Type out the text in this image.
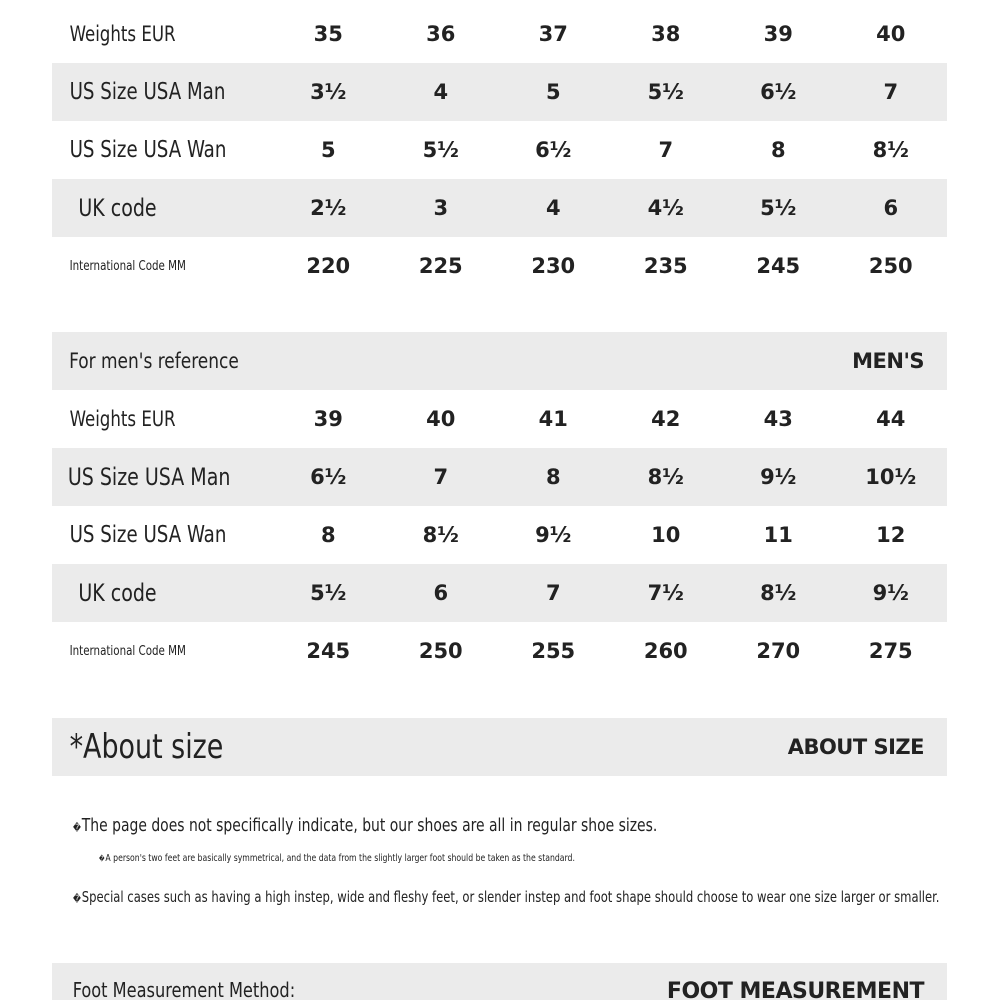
Weights EUR	35	36	37	38	39	40
US Size USA Man	3½	4	5	5½	6½	7
US Size USA Wan	5	5½	6½	7	8	8½
UK code	2½	3	4	4½	5½	6
International Code MM	220	225	230	235	245	250
For men's reference	MEN'S
Weights EUR	39	40	41	42	43	44
US Size USA Man	6½	7	8	8½	9½	10½
US Size USA Wan	8	8½	9½	10	11	12
UK code	5½	6	7	7½	8½	9½
International Code MM	245	250	255	260	270	275
*About size	ABOUT SIZE
�The page does not specifically indicate, but our shoes are all in regular shoe sizes.
�A person's two feet are basically symmetrical, and the data from the slightly larger foot should be taken as the standard.
�Special cases such as having a high instep, wide and fleshy feet, or slender instep and foot shape should choose to wear one size larger or smaller.
Foot Measurement Method:	FOOT MEASUREMENT
